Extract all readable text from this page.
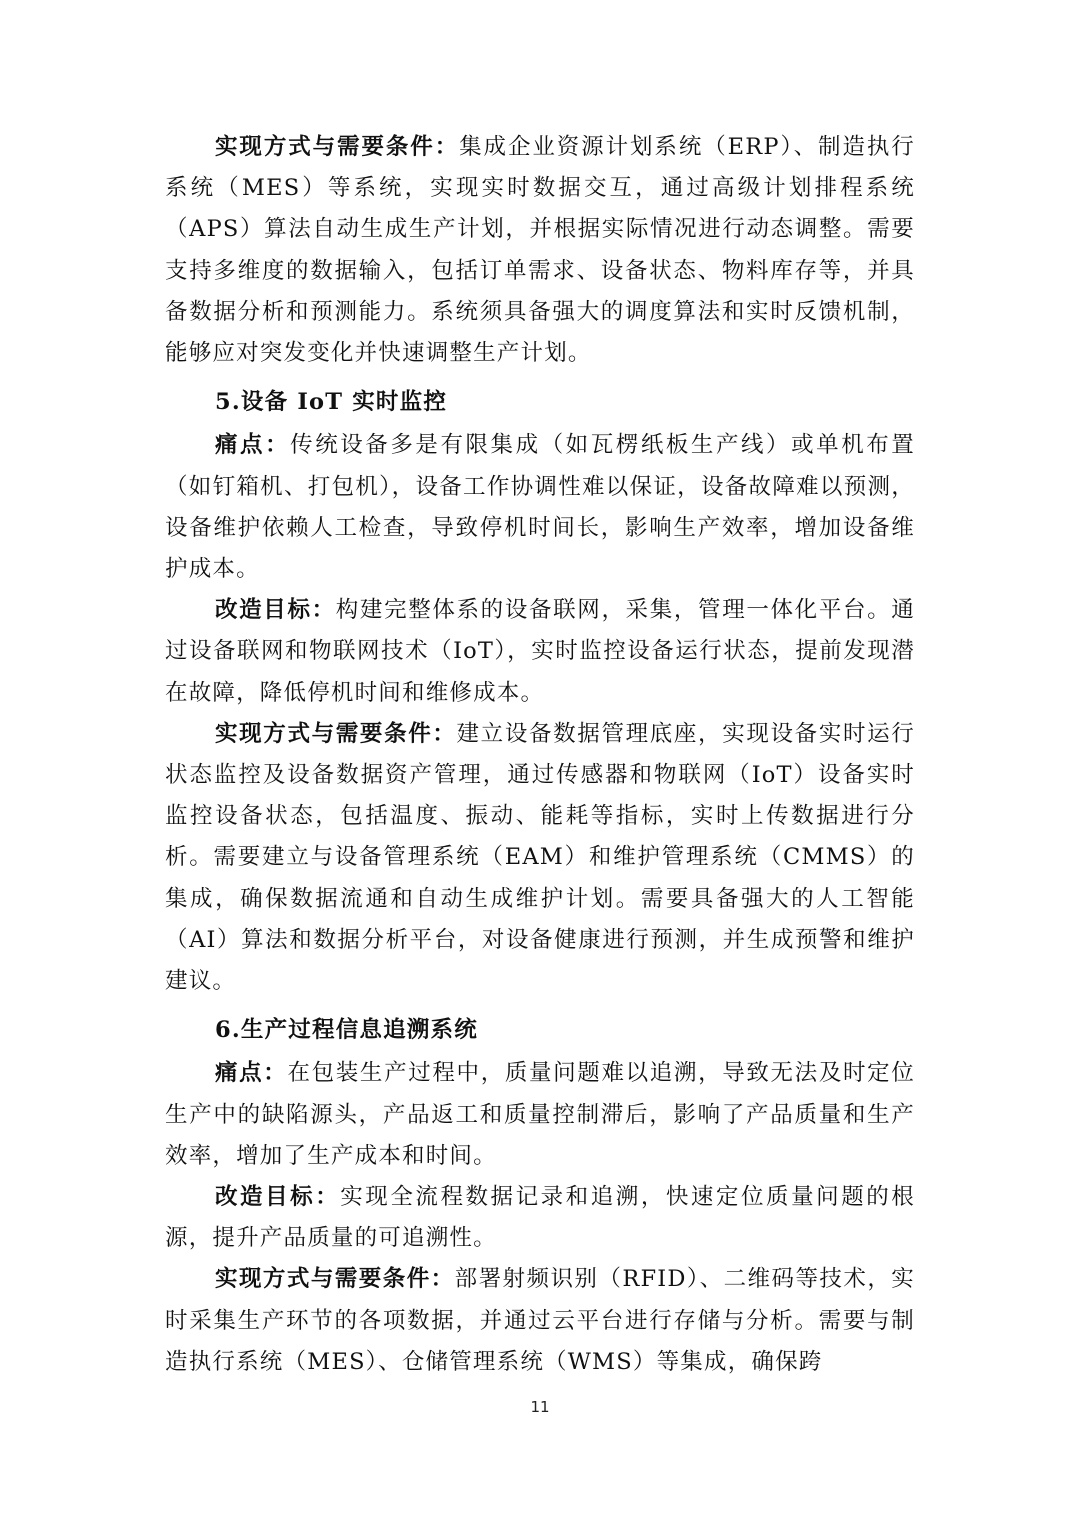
实现方式与需要条件：集成企业资源计划系统（ERP）、制造执行系统（MES）等系统，实现实时数据交互，通过高级计划排程系统（APS）算法自动生成生产计划，并根据实际情况进行动态调整。需要支持多维度的数据输入，包括订单需求、设备状态、物料库存等，并具备数据分析和预测能力。系统须具备强大的调度算法和实时反馈机制，能够应对突发变化并快速调整生产计划。

5.设备 IoT 实时监控

痛点：传统设备多是有限集成（如瓦楞纸板生产线）或单机布置（如钉箱机、打包机），设备工作协调性难以保证，设备故障难以预测，设备维护依赖人工检查，导致停机时间长，影响生产效率，增加设备维护成本。

改造目标：构建完整体系的设备联网，采集，管理一体化平台。通过设备联网和物联网技术（IoT），实时监控设备运行状态，提前发现潜在故障，降低停机时间和维修成本。

实现方式与需要条件：建立设备数据管理底座，实现设备实时运行状态监控及设备数据资产管理，通过传感器和物联网（IoT）设备实时监控设备状态，包括温度、振动、能耗等指标，实时上传数据进行分析。需要建立与设备管理系统（EAM）和维护管理系统（CMMS）的集成，确保数据流通和自动生成维护计划。需要具备强大的人工智能（AI）算法和数据分析平台，对设备健康进行预测，并生成预警和维护建议。

6.生产过程信息追溯系统

痛点：在包装生产过程中，质量问题难以追溯，导致无法及时定位生产中的缺陷源头，产品返工和质量控制滞后，影响了产品质量和生产效率，增加了生产成本和时间。

改造目标：实现全流程数据记录和追溯，快速定位质量问题的根源，提升产品质量的可追溯性。

实现方式与需要条件：部署射频识别（RFID）、二维码等技术，实时采集生产环节的各项数据，并通过云平台进行存储与分析。需要与制造执行系统（MES）、仓储管理系统（WMS）等集成，确保跨

11
